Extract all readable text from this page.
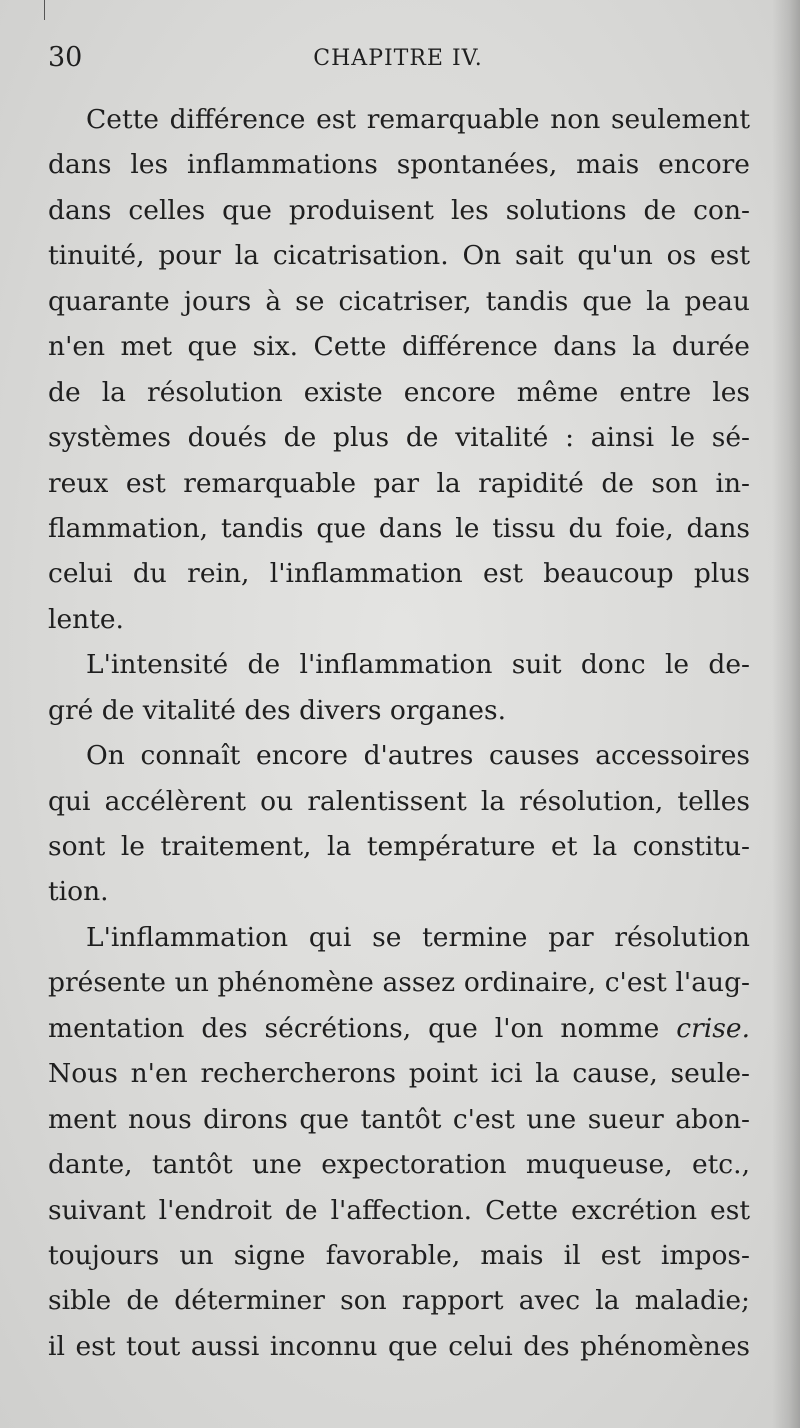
30	CHAPITRE IV.
Cette différence est remarquable non seulement
dans les inflammations spontanées, mais encore
dans celles que produisent les solutions de con-
tinuité, pour la cicatrisation. On sait qu'un os est
quarante jours à se cicatriser, tandis que la peau
n'en met que six. Cette différence dans la durée
de la résolution existe encore même entre les
systèmes doués de plus de vitalité : ainsi le sé-
reux est remarquable par la rapidité de son in-
flammation, tandis que dans le tissu du foie, dans
celui du rein, l'inflammation est beaucoup plus
lente.
L'intensité de l'inflammation suit donc le de-
gré de vitalité des divers organes.
On connaît encore d'autres causes accessoires
qui accélèrent ou ralentissent la résolution, telles
sont le traitement, la température et la constitu-
tion.
L'inflammation qui se termine par résolution
présente un phénomène assez ordinaire, c'est l'aug-
mentation des sécrétions, que l'on nomme crise.
Nous n'en rechercherons point ici la cause, seule-
ment nous dirons que tantôt c'est une sueur abon-
dante, tantôt une expectoration muqueuse, etc.,
suivant l'endroit de l'affection. Cette excrétion est
toujours un signe favorable, mais il est impos-
sible de déterminer son rapport avec la maladie;
il est tout aussi inconnu que celui des phénomènes
